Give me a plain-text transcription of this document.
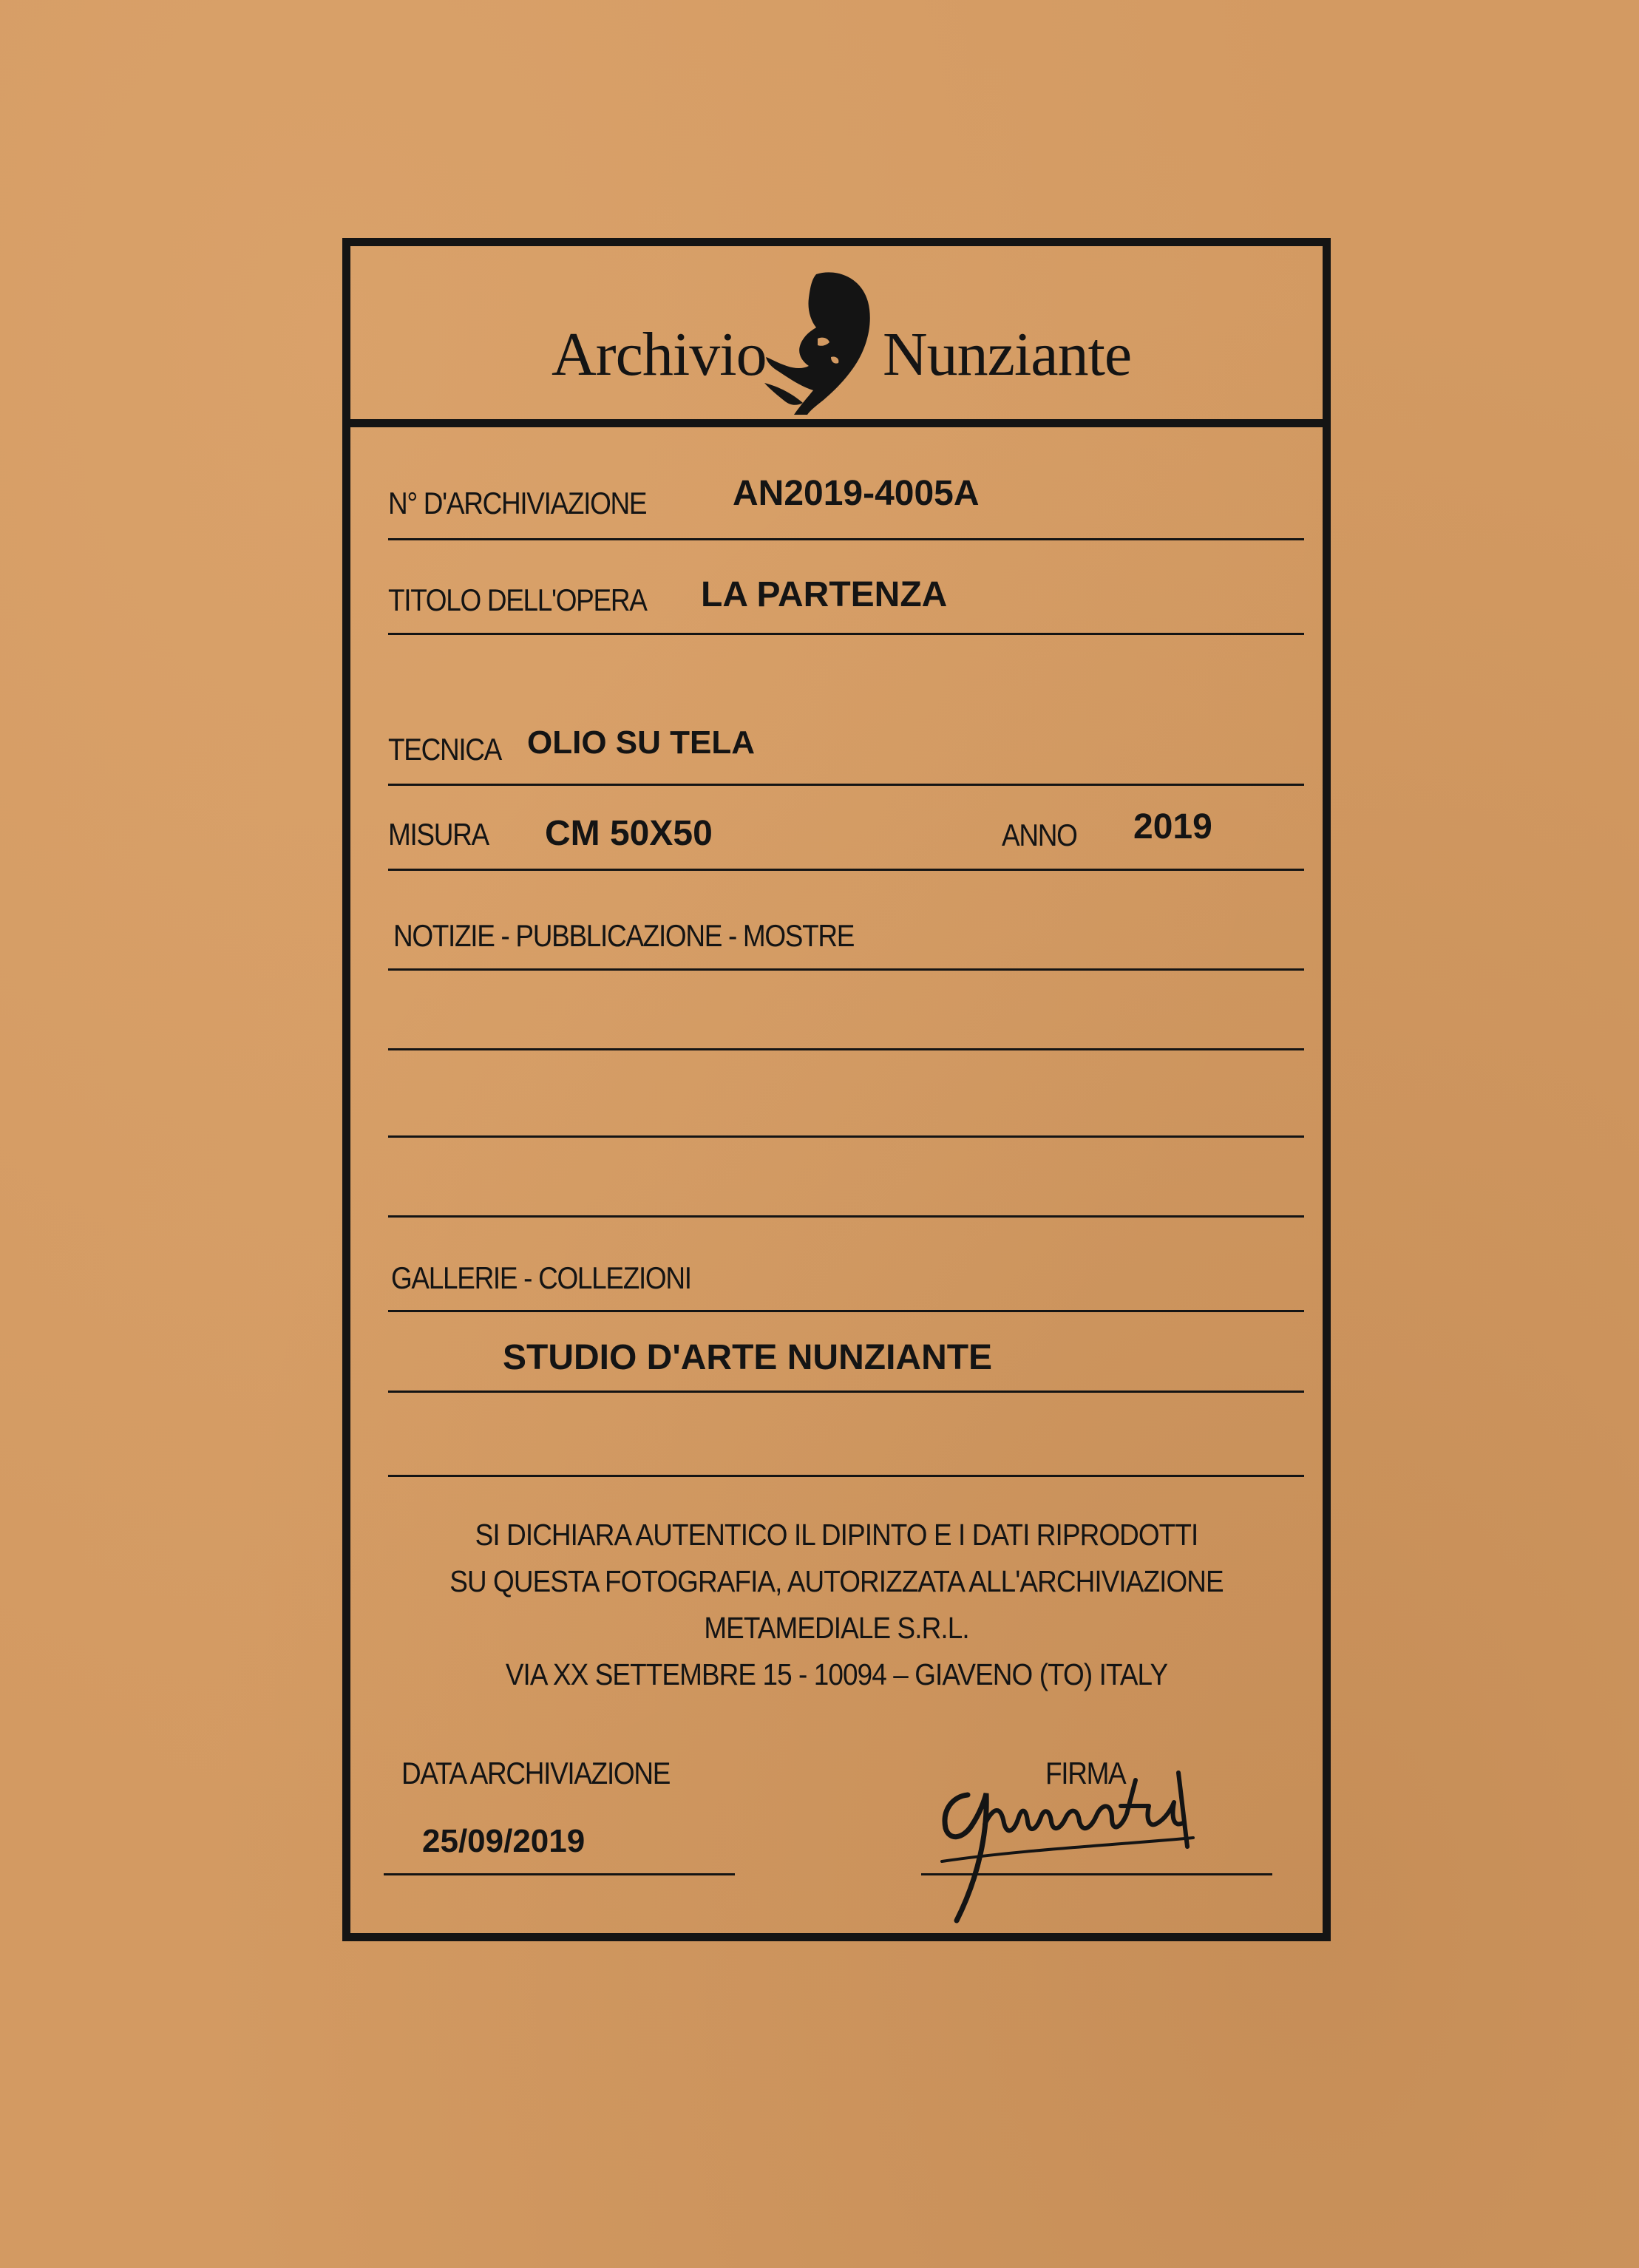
Archivio Nunziante
N° D'ARCHIVIAZIONE AN2019-4005A
TITOLO DELL'OPERA LA PARTENZA
TECNICA OLIO SU TELA
MISURA CM 50X50	ANNO 2019
NOTIZIE - PUBBLICAZIONE - MOSTRE
GALLERIE - COLLEZIONI
STUDIO D'ARTE NUNZIANTE
SI DICHIARA AUTENTICO IL DIPINTO E I DATI RIPRODOTTI
SU QUESTA FOTOGRAFIA, AUTORIZZATA ALL'ARCHIVIAZIONE
METAMEDIALE S.R.L.
VIA XX SETTEMBRE 15 - 10094 – GIAVENO (TO) ITALY
DATA ARCHIVIAZIONE
25/09/2019
FIRMA
Nunziante
